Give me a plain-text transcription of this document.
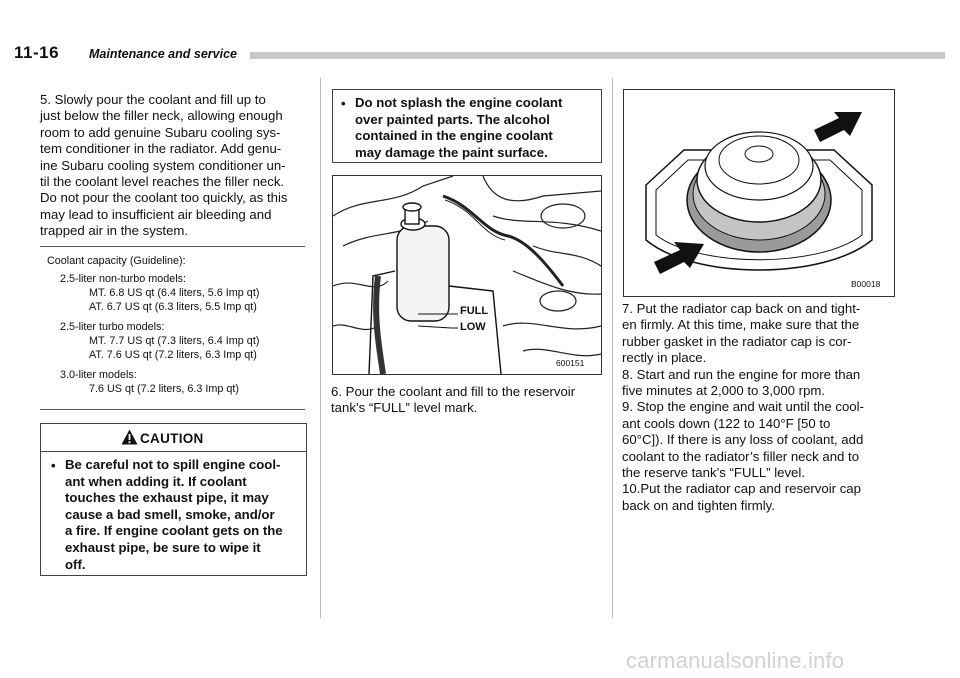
11-16 Maintenance and service
5. Slowly pour the coolant and fill up to
just below the filler neck, allowing enough
room to add genuine Subaru cooling sys-
tem conditioner in the radiator. Add genu-
ine Subaru cooling system conditioner un-
til the coolant level reaches the filler neck.
Do not pour the coolant too quickly, as this
may lead to insufficient air bleeding and
trapped air in the system.
Coolant capacity (Guideline):
2.5-liter non-turbo models:
MT. 6.8 US qt (6.4 liters, 5.6 Imp qt)
AT. 6.7 US qt (6.3 liters, 5.5 Imp qt)
2.5-liter turbo models:
MT. 7.7 US qt (7.3 liters, 6.4 Imp qt)
AT. 7.6 US qt (7.2 liters, 6.3 Imp qt)
3.0-liter models:
7.6 US qt (7.2 liters, 6.3 Imp qt)
CAUTION
• Be careful not to spill engine cool-
ant when adding it. If coolant
touches the exhaust pipe, it may
cause a bad smell, smoke, and/or
a fire. If engine coolant gets on the
exhaust pipe, be sure to wipe it
off.
• Do not splash the engine coolant
over painted parts. The alcohol
contained in the engine coolant
may damage the paint surface.
FULL
LOW
600151
6. Pour the coolant and fill to the reservoir
tank’s “FULL” level mark.
B00018
7. Put the radiator cap back on and tight-
en firmly. At this time, make sure that the
rubber gasket in the radiator cap is cor-
rectly in place.
8. Start and run the engine for more than
five minutes at 2,000 to 3,000 rpm.
9. Stop the engine and wait until the cool-
ant cools down (122 to 140°F [50 to
60°C]). If there is any loss of coolant, add
coolant to the radiator’s filler neck and to
the reserve tank’s “FULL” level.
10.Put the radiator cap and reservoir cap
back on and tighten firmly.
carmanualsonline.info
